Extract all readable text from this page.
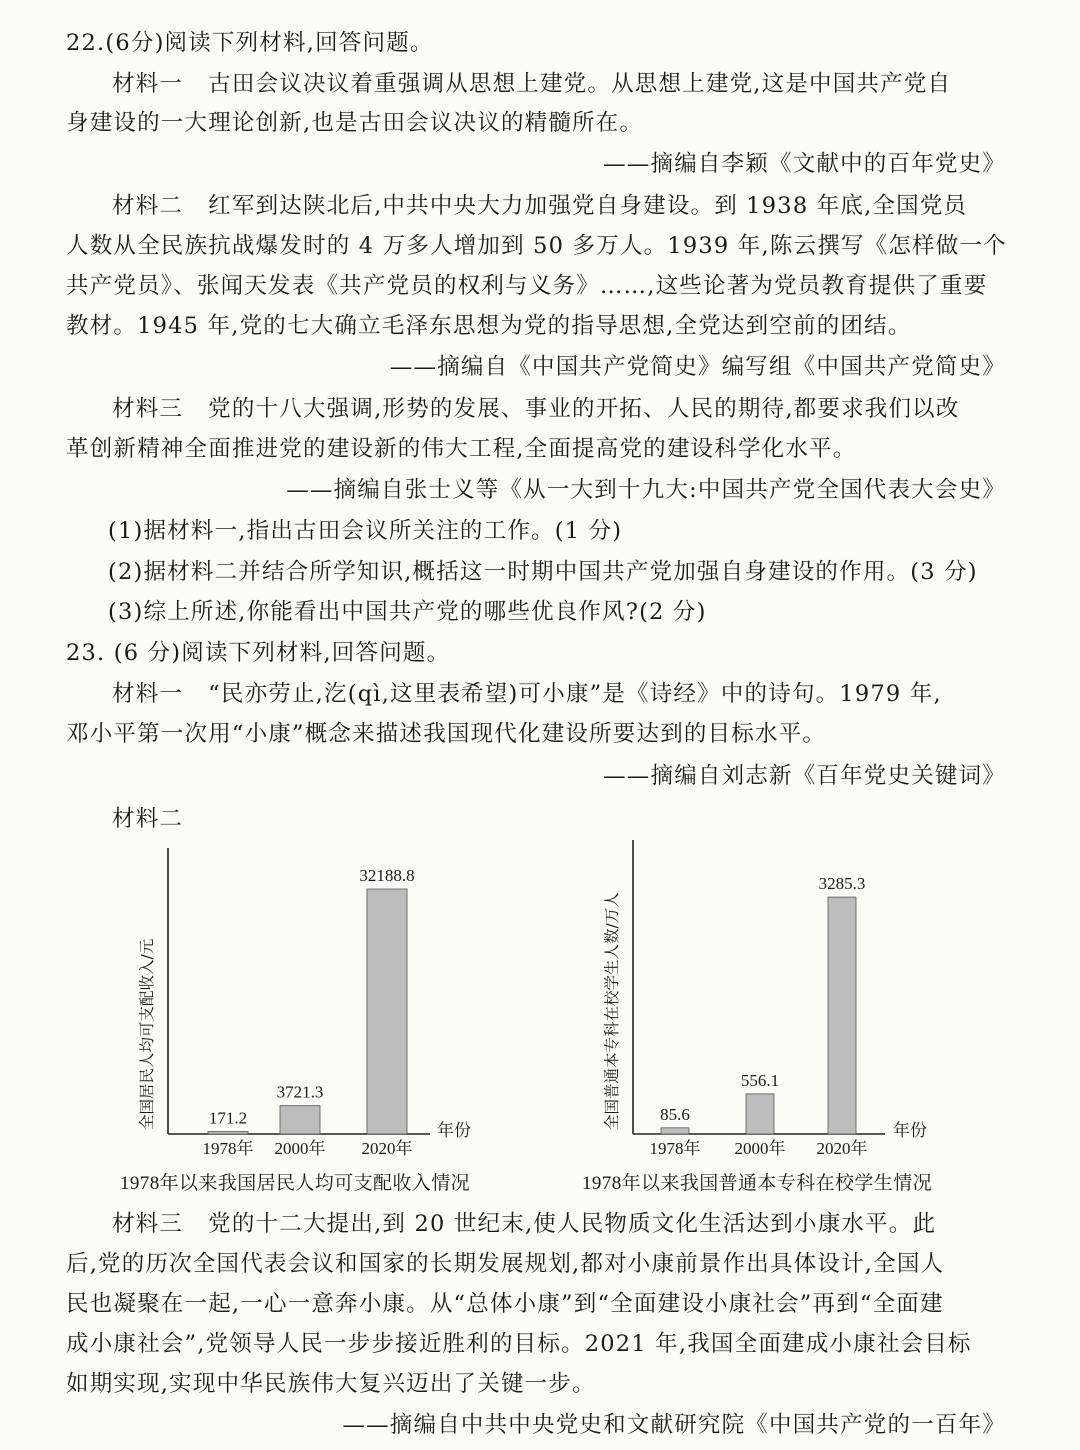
22.(6分)阅读下列材料,回答问题。
材料一 古田会议决议着重强调从思想上建党。从思想上建党,这是中国共产党自
身建设的一大理论创新,也是古田会议决议的精髓所在。
——摘编自李颖《文献中的百年党史》
材料二 红军到达陕北后,中共中央大力加强党自身建设。到 1938 年底,全国党员
人数从全民族抗战爆发时的 4 万多人增加到 50 多万人。1939 年,陈云撰写《怎样做一个
共产党员》、张闻天发表《共产党员的权利与义务》……,这些论著为党员教育提供了重要
教材。1945 年,党的七大确立毛泽东思想为党的指导思想,全党达到空前的团结。
——摘编自《中国共产党简史》编写组《中国共产党简史》
材料三 党的十八大强调,形势的发展、事业的开拓、人民的期待,都要求我们以改
革创新精神全面推进党的建设新的伟大工程,全面提高党的建设科学化水平。
——摘编自张士义等《从一大到十九大:中国共产党全国代表大会史》
(1)据材料一,指出古田会议所关注的工作。(1 分)
(2)据材料二并结合所学知识,概括这一时期中国共产党加强自身建设的作用。(3 分)
(3)综上所述,你能看出中国共产党的哪些优良作风?(2 分)
23. (6 分)阅读下列材料,回答问题。
材料一 “民亦劳止,汔(qì,这里表希望)可小康”是《诗经》中的诗句。1979 年,
邓小平第一次用“小康”概念来描述我国现代化建设所要达到的目标水平。
——摘编自刘志新《百年党史关键词》
材料二
年份
全国居民人均可支配收入/元	171.2
1978年
3721.3
2000年
32188.8
2020年
1978年以来我国居民人均可支配收入情况
年份
全国普通本专科在校学生人数/万人 85.6
1978年
556.1
2000年
3285.3
2020年
1978年以来我国普通本专科在校学生情况
材料三 党的十二大提出,到 20 世纪末,使人民物质文化生活达到小康水平。此
后,党的历次全国代表会议和国家的长期发展规划,都对小康前景作出具体设计,全国人
民也凝聚在一起,一心一意奔小康。从“总体小康”到“全面建设小康社会”再到“全面建
成小康社会”,党领导人民一步步接近胜利的目标。2021 年,我国全面建成小康社会目标
如期实现,实现中华民族伟大复兴迈出了关键一步。
——摘编自中共中央党史和文献研究院《中国共产党的一百年》
